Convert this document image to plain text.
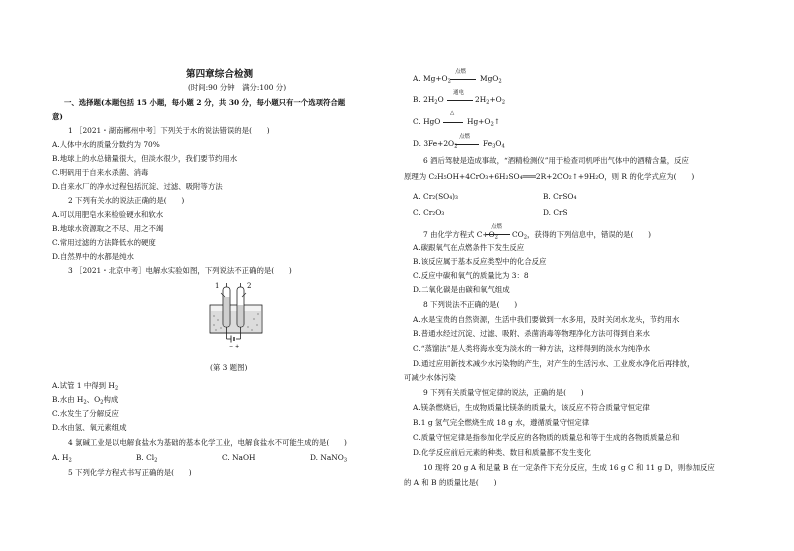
第四章综合检测
(时间:90 分钟　满分:100 分)
一、选择题(本题包括 15 小题，每小题 2 分，共 30 分，每小题只有一个选项符合题
意)
1 ［2021・湖南郴州中考］下列关于水的说法错误的是(　　)
A.人体中水的质量分数约为 70%
B.地球上的水总储量很大，但淡水很少，我们要节约用水
C.明矾用于自来水杀菌、消毒
D.自来水厂的净水过程包括沉淀、过滤、吸附等方法
2 下列有关水的说法正确的是(　　)
A.可以用肥皂水来检验硬水和软水
B.地球水资源取之不尽、用之不竭
C.常用过滤的方法降低水的硬度
D.自然界中的水都是纯水
3 ［2021・北京中考］电解水实验如图，下列说法不正确的是(　　)
− +
1	2
(第 3 题图)
A.试管 1 中得到 $H_2$
B.水由 $H_2$、$O_2$构成
C.水发生了分解反应
D.水由氢、氧元素组成
4 氯碱工业是以电解食盐水为基础的基本化学工业，电解食盐水不可能生成的是(　　)
A. $H_2$	B. $Cl_2$	C. NaOH	D. NaNO$_3$
5 下列化学方程式书写正确的是(　　)
A. $Mg+O_2$
点燃
MgO$_2$
B. $2H_2O$
通电
$2H_2+O_2$
C. HgO
△
$Hg+O_2↑$
D. $3Fe+2O_2$
点燃
$Fe_3O_4$
6 酒后驾驶是造成事故，“酒精检测仪”用于检查司机呼出气体中的酒精含量，反应
原理为 C₂H₅OH+4CrO₃+6H₂SO₄═══2R+2CO₂↑+9H₂O，则 R 的化学式应为(　　)
A. Cr₂(SO₄)₃	B. CrSO₄
C. Cr₂O₃	D. CrS
7 由化学方程式 $C+O_2$
点燃
$CO_2$，获得的下列信息中，错误的是(　　)
A.碳跟氧气在点燃条件下发生反应
B.该反应属于基本反应类型中的化合反应
C.反应中碳和氧气的质量比为 3：8
D.二氧化碳是由碳和氧气组成
8 下列说法不正确的是(　　)
A.水是宝贵的自然资源，生活中我们要做到一水多用，及时关闭水龙头，节约用水
B.普通水经过沉淀、过滤、吸附、杀菌消毒等物理净化方法可得到自来水
C.“蒸馏法”是人类将海水变为淡水的一种方法，这样得到的淡水为纯净水
D.通过应用新技术减少水污染物的产生，对产生的生活污水、工业废水净化后再排放，
可减少水体污染
9 下列有关质量守恒定律的说法，正确的是(　　)
A.镁条燃烧后，生成物质量比镁条的质量大，该反应不符合质量守恒定律
B.1 g 氢气完全燃烧生成 18 g 水，遵循质量守恒定律
C.质量守恒定律是指参加化学反应的各物质的质量总和等于生成的各物质质量总和
D.化学反应前后元素的种类、数目和质量都不发生变化
10 现将 20 g A 和足量 B 在一定条件下充分反应，生成 16 g C 和 11 g D，则参加反应
的 A 和 B 的质量比是(　　)
